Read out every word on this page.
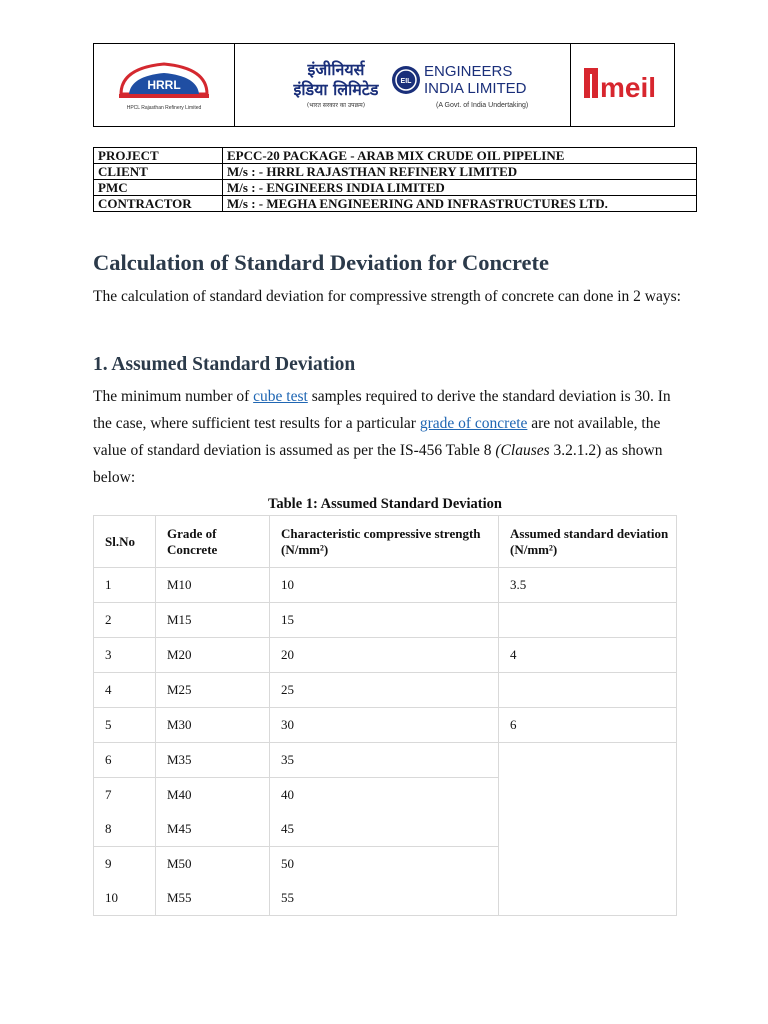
HRRL
HPCL Rajasthan Refinery Limited
इंजीनियर्स
इंडिया लिमिटेड
(भारत सरकार का उपक्रम)
EIL
ENGINEERS
INDIA LIMITED
(A Govt. of India Undertaking)
meil
PROJECT	EPCC-20 PACKAGE - ARAB MIX CRUDE OIL PIPELINE
CLIENT	M/s : - HRRL RAJASTHAN REFINERY LIMITED
PMC	M/s : - ENGINEERS INDIA LIMITED
CONTRACTOR	M/s : - MEGHA ENGINEERING AND INFRASTRUCTURES LTD.
Calculation of Standard Deviation for Concrete

The calculation of standard deviation for compressive strength of concrete can done in 2 ways:

1. Assumed Standard Deviation

The minimum number of cube test samples required to derive the standard deviation is 30. In the case, where sufficient test results for a particular grade of concrete are not available, the value of standard deviation is assumed as per the IS-456 Table 8 (Clauses 3.2.1.2) as shown below:

Table 1: Assumed Standard Deviation

Sl.No	Grade of Concrete	Characteristic compressive strength (N/mm²)	Assumed standard deviation (N/mm²)
1	M10	10	3.5
2	M15	15	
3	M20	20	4
4	M25	25	
5	M30	30	6
6	M35	35	
7	M40	40	
8	M45	45	
9	M50	50	
10	M55	55	
